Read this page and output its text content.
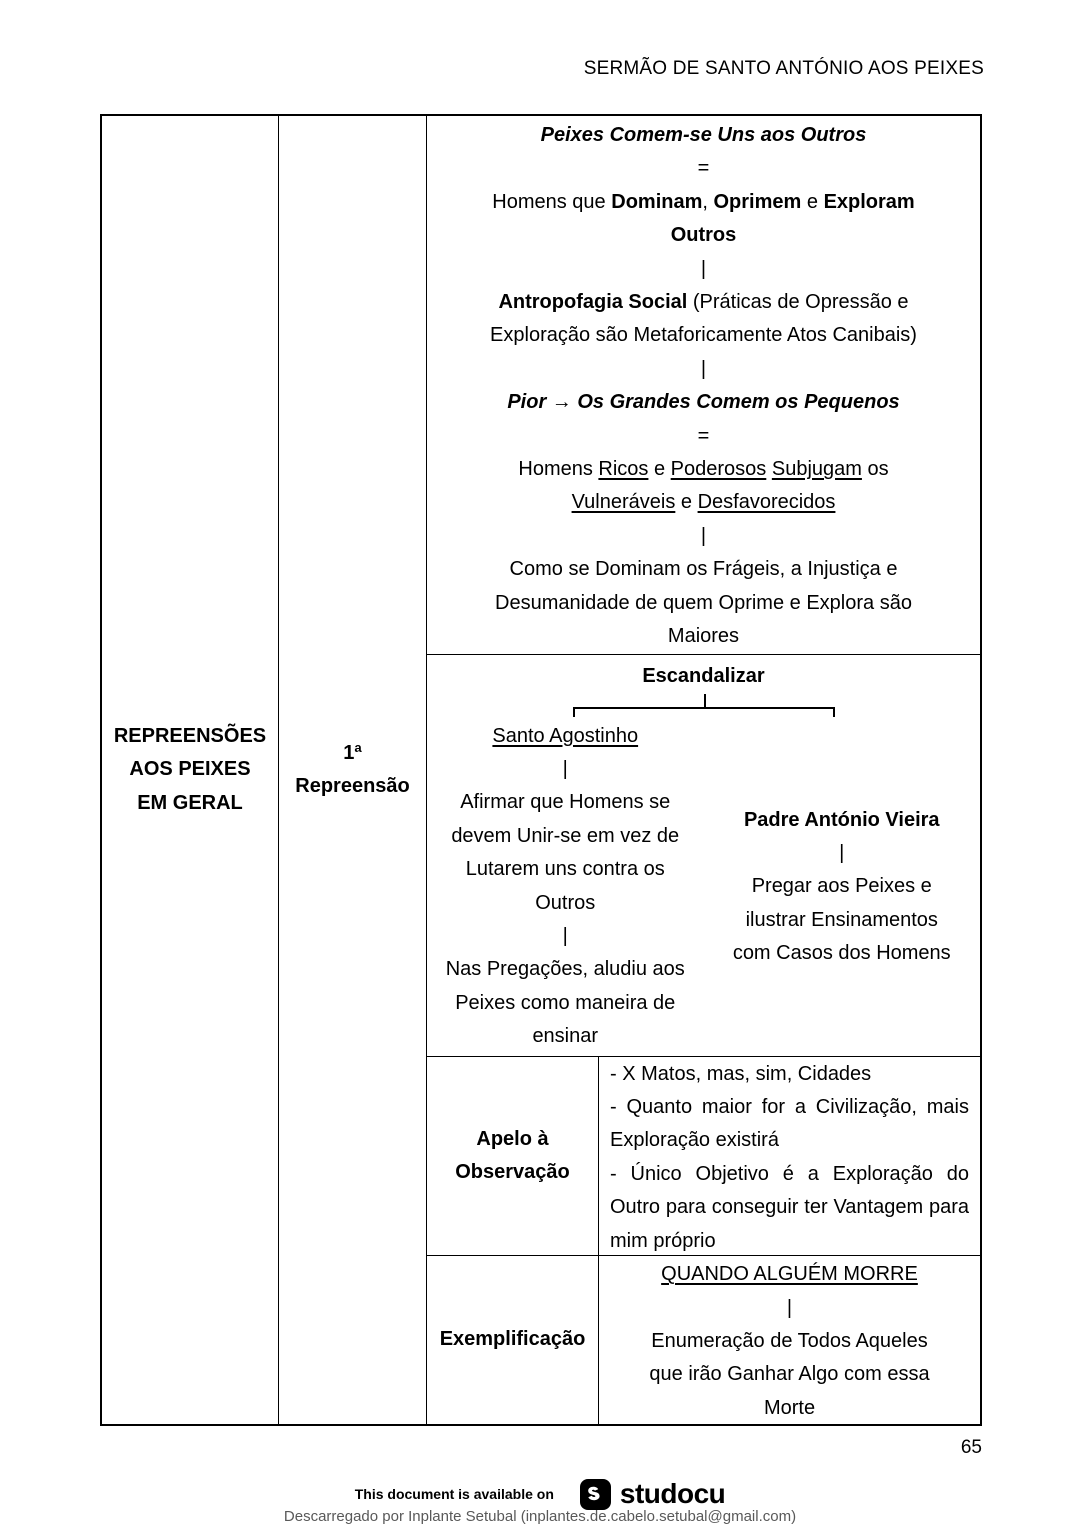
SERMÃO DE SANTO ANTÓNIO AOS PEIXES
REPREENSÕES
AOS PEIXES
EM GERAL
1ª
Repreensão
Peixes Comem-se Uns aos Outros
=
Homens que Dominam, Oprimem e Exploram
Outros
|
Antropofagia Social (Práticas de Opressão e
Exploração são Metaforicamente Atos Canibais)
|
Pior → Os Grandes Comem os Pequenos
=
Homens Ricos e Poderosos Subjugam os
Vulneráveis e Desfavorecidos
|
Como se Dominam os Frágeis, a Injustiça e
Desumanidade de quem Oprime e Explora são
Maiores
Escandalizar
Santo Agostinho
|
Afirmar que Homens se
devem Unir-se em vez de
Lutarem uns contra os
Outros
|
Nas Pregações, aludiu aos
Peixes como maneira de
ensinar
Padre António Vieira
|
Pregar aos Peixes e
ilustrar Ensinamentos
com Casos dos Homens
Apelo à
Observação
- X Matos, mas, sim, Cidades
- Quanto maior for a Civilização, mais Exploração existirá
- Único Objetivo é a Exploração do Outro para conseguir ter Vantagem para mim próprio
Exemplificação
QUANDO ALGUÉM MORRE
|
Enumeração de Todos Aqueles
que irão Ganhar Algo com essa
Morte
65
This document is available on studocu
Descarregado por Inplante Setubal (inplantes.de.cabelo.setubal@gmail.com)
